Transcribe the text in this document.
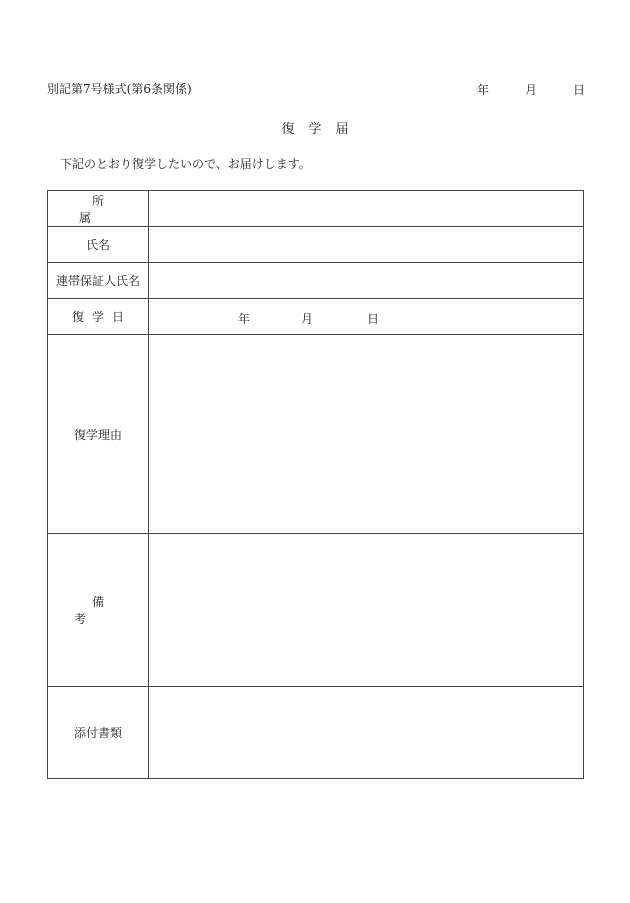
別記第7号様式(第6条関係)	年	月	日
復学届
下記のとおり復学したいので、お届けします。
所属	
氏名	
連帯保証人氏名	
復学日	年 月 日

復学理由	
備考	
添付書類	
